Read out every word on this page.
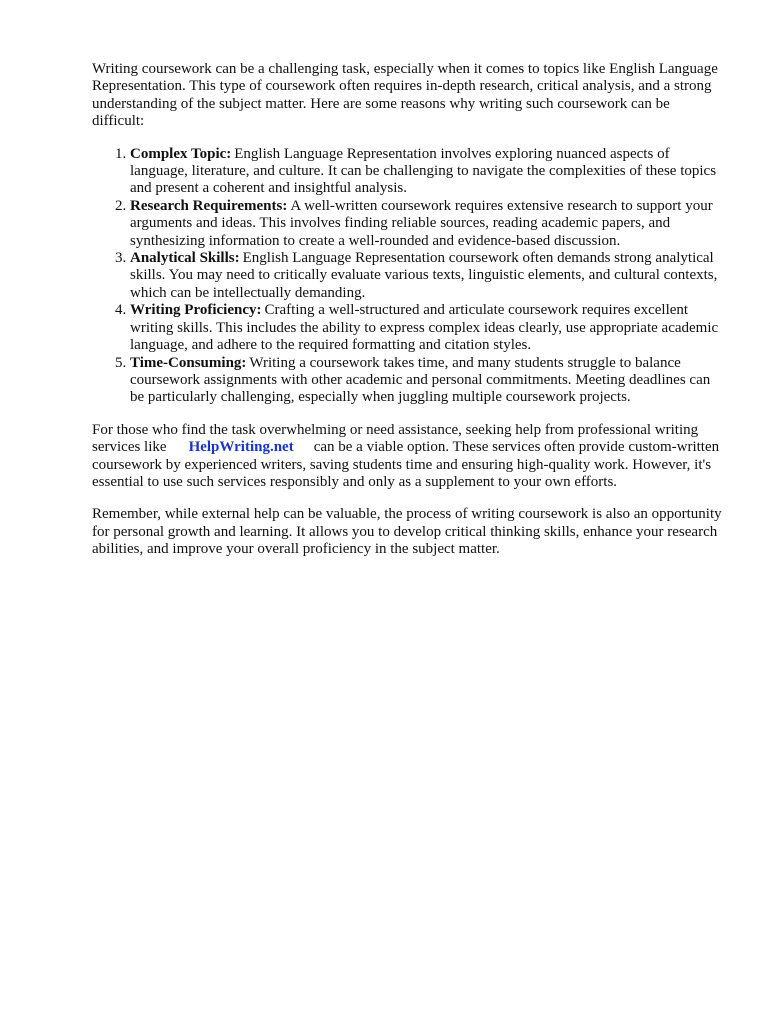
Writing coursework can be a challenging task, especially when it comes to topics like English Language Representation. This type of coursework often requires in-depth research, critical analysis, and a strong understanding of the subject matter. Here are some reasons why writing such coursework can be difficult:

1. Complex Topic: English Language Representation involves exploring nuanced aspects of language, literature, and culture. It can be challenging to navigate the complexities of these topics and present a coherent and insightful analysis.
2. Research Requirements: A well-written coursework requires extensive research to support your arguments and ideas. This involves finding reliable sources, reading academic papers, and synthesizing information to create a well-rounded and evidence-based discussion.
3. Analytical Skills: English Language Representation coursework often demands strong analytical skills. You may need to critically evaluate various texts, linguistic elements, and cultural contexts, which can be intellectually demanding.
4. Writing Proficiency: Crafting a well-structured and articulate coursework requires excellent writing skills. This includes the ability to express complex ideas clearly, use appropriate academic language, and adhere to the required formatting and citation styles.
5. Time-Consuming: Writing a coursework takes time, and many students struggle to balance coursework assignments with other academic and personal commitments. Meeting deadlines can be particularly challenging, especially when juggling multiple coursework projects.

For those who find the task overwhelming or need assistance, seeking help from professional writing services like HelpWriting.net can be a viable option. These services often provide custom-written coursework by experienced writers, saving students time and ensuring high-quality work. However, it's essential to use such services responsibly and only as a supplement to your own efforts.

Remember, while external help can be valuable, the process of writing coursework is also an opportunity for personal growth and learning. It allows you to develop critical thinking skills, enhance your research abilities, and improve your overall proficiency in the subject matter.
